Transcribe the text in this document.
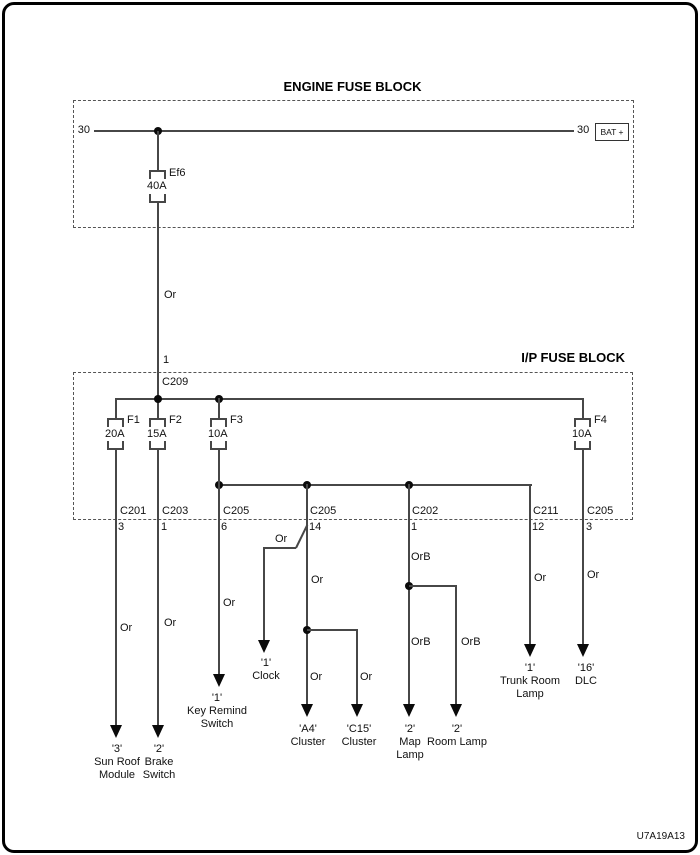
ENGINE FUSE BLOCK
30	30 BAT +
Ef6
40A
Or
1
C209
I/P FUSE BLOCK
F1
20A
F2
15A
F3
10A
F4
10A
C201
3
C203
1
C205
6
C205
14
C202
1
C211
12
C205
3
Or
'3'
Sun Roof
Module
Or
'2'
Brake
Switch
Or
'1'
Key Remind
Switch
Or
'1'
Clock
Or
Or	Or
'A4'
Cluster
'C15'
Cluster
OrB
OrB	OrB
'2'
Map
Lamp
'2'
Room Lamp
Or
'1'
Trunk Room
Lamp
Or
'16'
DLC
U7A19A13
